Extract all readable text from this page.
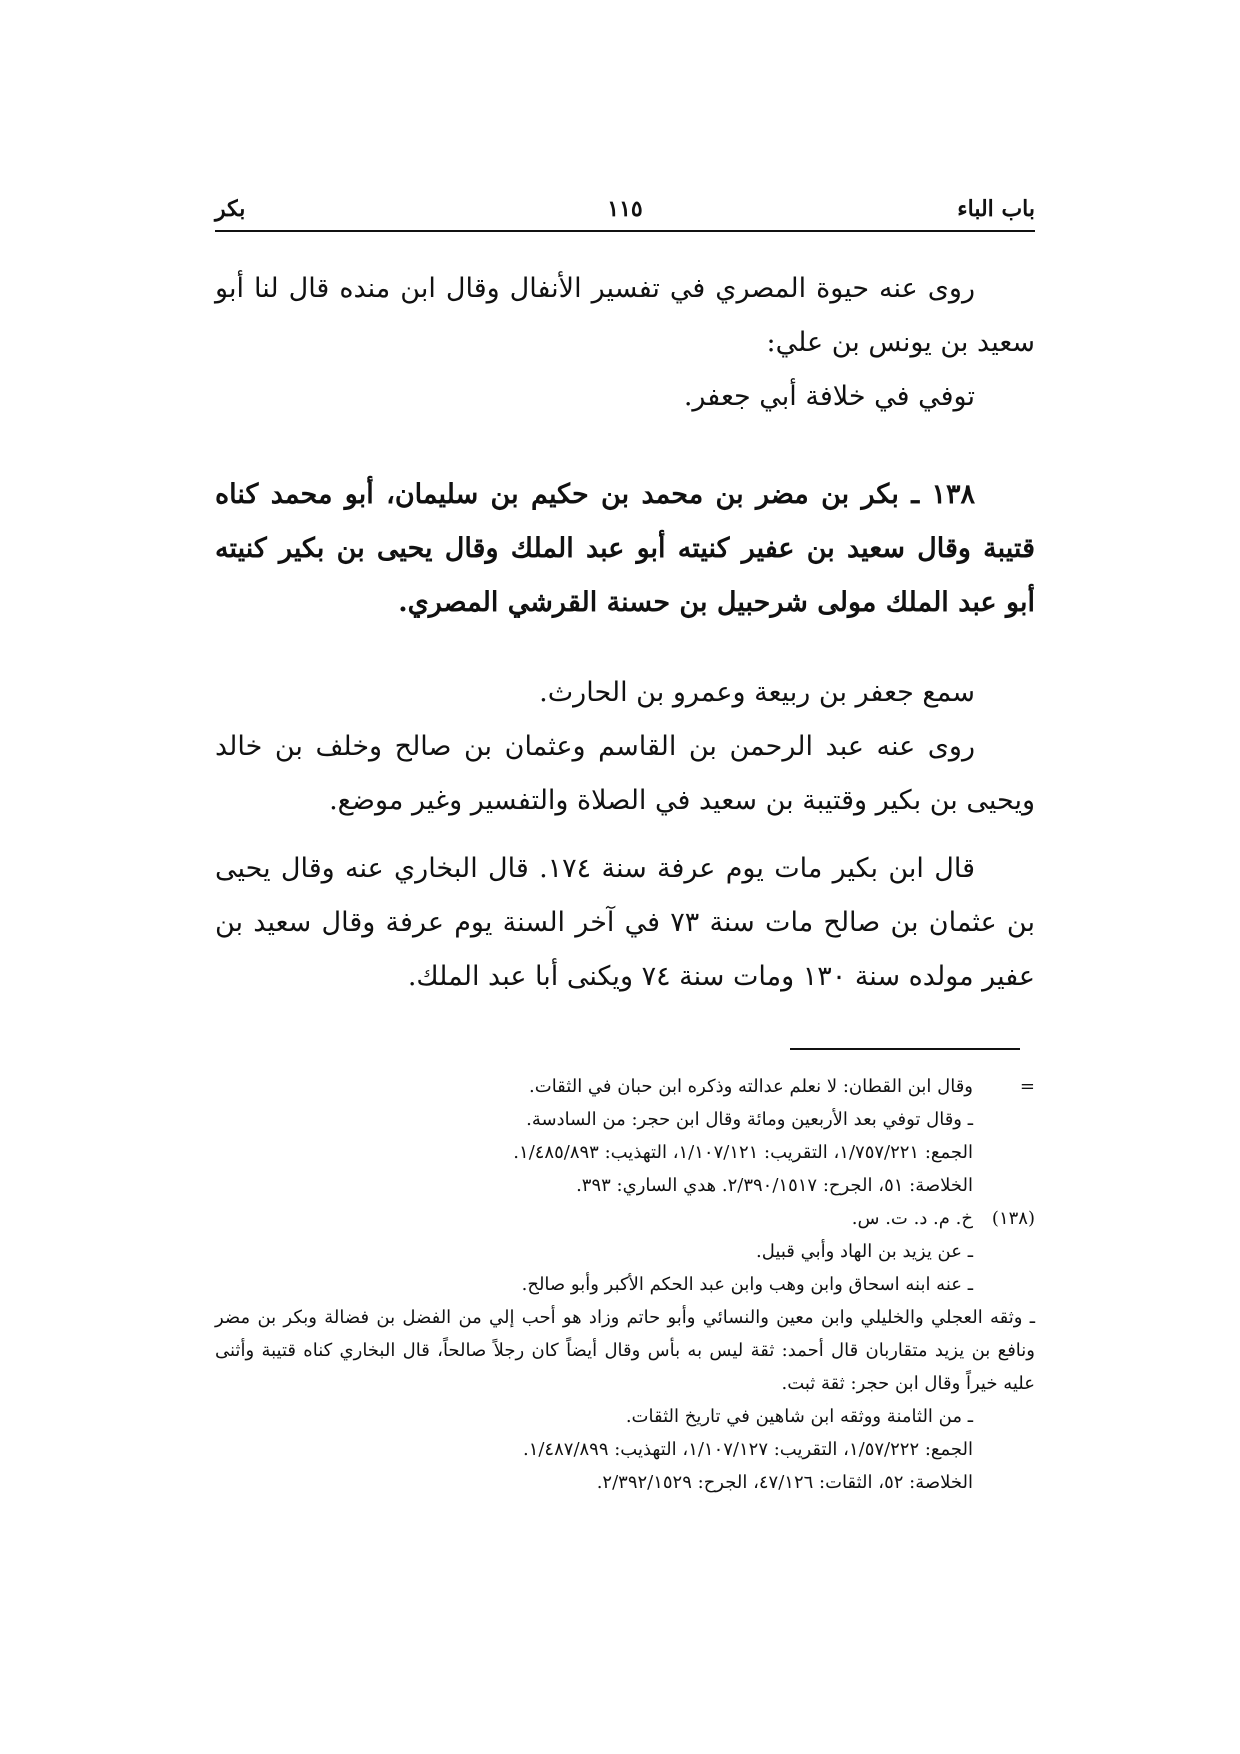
باب الباء
١١٥
بكر

روى عنه حيوة المصري في تفسير الأنفال وقال ابن منده قال لنا أبو سعيد بن يونس بن علي:

توفي في خلافة أبي جعفر.

١٣٨ ـ بكر بن مضر بن محمد بن حكيم بن سليمان، أبو محمد كناه قتيبة وقال سعيد بن عفير كنيته أبو عبد الملك وقال يحيى بن بكير كنيته أبو عبد الملك مولى شرحبيل بن حسنة القرشي المصري.

سمع جعفر بن ربيعة وعمرو بن الحارث.

روى عنه عبد الرحمن بن القاسم وعثمان بن صالح وخلف بن خالد ويحيى بن بكير وقتيبة بن سعيد في الصلاة والتفسير وغير موضع.

قال ابن بكير مات يوم عرفة سنة ١٧٤. قال البخاري عنه وقال يحيى بن عثمان بن صالح مات سنة ٧٣ في آخر السنة يوم عرفة وقال سعيد بن عفير مولده سنة ١٣٠ ومات سنة ٧٤ ويكنى أبا عبد الملك.

=
وقال ابن القطان: لا نعلم عدالته وذكره ابن حبان في الثقات.

ـ وقال توفي بعد الأربعين ومائة وقال ابن حجر: من السادسة.

الجمع: ١/٧٥٧/٢٢١، التقريب: ١/١٠٧/١٢١، التهذيب: ١/٤٨٥/٨٩٣.

الخلاصة: ٥١، الجرح: ٢/٣٩٠/١٥١٧. هدي الساري: ٣٩٣.

(١٣٨)
خ. م. د. ت. س.

ـ عن يزيد بن الهاد وأبي قبيل.

ـ عنه ابنه اسحاق وابن وهب وابن عبد الحكم الأكبر وأبو صالح.

ـ وثقه العجلي والخليلي وابن معين والنسائي وأبو حاتم وزاد هو أحب إلي من الفضل بن فضالة وبكر بن مضر ونافع بن يزيد متقاربان قال أحمد: ثقة ليس به بأس وقال أيضاً كان رجلاً صالحاً، قال البخاري كناه قتيبة وأثنى عليه خيراً وقال ابن حجر: ثقة ثبت.

ـ من الثامنة ووثقه ابن شاهين في تاريخ الثقات.

الجمع: ١/٥٧/٢٢٢، التقريب: ١/١٠٧/١٢٧، التهذيب: ١/٤٨٧/٨٩٩.

الخلاصة: ٥٢، الثقات: ٤٧/١٢٦، الجرح: ٢/٣٩٢/١٥٢٩.
